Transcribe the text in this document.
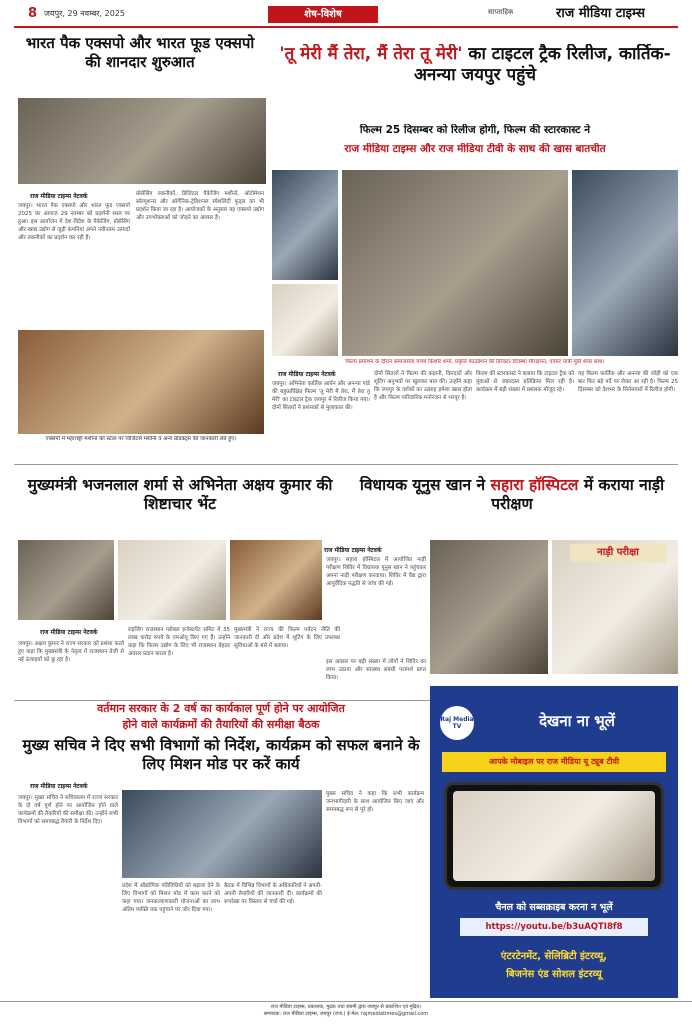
8 जयपुर, 29 नवम्बर, 2025	शेष-विशेष	साप्ताहिक	राज मीडिया टाइम्स
भारत पैक एक्सपो और भारत फूड एक्सपो की शानदार शुरुआत
राज मीडिया टाइम्स नेटवर्क
जयपुर। भारत पैक एक्सपो और भारत फूड एक्सपो 2025 का आगाज 29 नवम्बर को प्रदर्शनी स्थल पर हुआ। इस आयोजन में देश-विदेश के पैकेजिंग, प्रोसेसिंग और खाद्य उद्योग से जुड़ी कंपनियां अपने नवीनतम उत्पादों और तकनीकों का प्रदर्शन कर रही हैं।
प्रोसेसिंग तकनीकों, डिजिटल पैकेजिंग मशीनों, ऑटोमेशन सॉल्यूशन्स और ऑर्गेनिक-ट्रेडिशनल स्पेशलिटी फूड्स का भी प्रदर्शन किया जा रहा है। आयोजकों के अनुसार यह एक्सपो उद्योग और उपभोक्ताओं को जोड़ने का अवसर है।
एक्सपो में महाराष्ट्रों मशीनों की स्टाल पर विजिटर्स मशीनों व अन्य प्रोडक्ट्स की जानकारी लेते हुए।
'तू मेरी मैं तेरा, मैं तेरा तू मेरी' का टाइटल ट्रैक रिलीज, कार्तिक-अनन्या जयपुर पहुंचे
फिल्म 25 दिसम्बर को रिलीज होगी, फिल्म की स्टारकास्ट ने
राज मीडिया टाइम्स और राज मीडिया टीवी के साथ की खास बातचीत
फिल्म प्रमोशन के दौरान समाजसेवा मंचम किशोर शर्मा, प्रकृति फाउंडेशन की डिरेक्टर दिवस्था मीराइयन, एवेयर यात्री मुंडी शेयर साथ।
राज मीडिया टाइम्स नेटवर्क
जयपुर। अभिनेता कार्तिक आर्यन और अनन्या पांडे की बहुप्रतीक्षित फिल्म 'तू मेरी मैं तेरा, मैं तेरा तू मेरी' का टाइटल ट्रैक जयपुर में रिलीज किया गया। दोनों सितारों ने प्रशंसकों से मुलाकात की।
दोनों सितारों ने फिल्म की कहानी, किरदारों और शूटिंग अनुभवों पर खुलकर बात की। उन्होंने कहा कि जयपुर के दर्शकों का उत्साह हमेशा खास होता है और फिल्म पारिवारिक मनोरंजन से भरपूर है।
फिल्म की स्टारकास्ट ने बताया कि टाइटल ट्रैक को युवाओं से जबरदस्त प्रतिक्रिया मिल रही है। कार्यक्रम में बड़ी संख्या में प्रशंसक मौजूद रहे।
यह फिल्म कार्तिक और अनन्या की जोड़ी को एक बार फिर बड़े पर्दे पर लेकर आ रही है। फिल्म 25 दिसम्बर को देशभर के सिनेमाघरों में रिलीज होगी।
मुख्यमंत्री भजनलाल शर्मा से अभिनेता अक्षय कुमार की शिष्टाचार भेंट
राज मीडिया टाइम्स नेटवर्क
जयपुर। अक्षय कुमार ने राज्य सरकार को प्रशंसा करते हुए कहा कि मुख्यमंत्री के नेतृत्व में राजस्थान तेजी से नई ऊंचाइयों को छू रहा है।
राइजिंग राजस्थान ग्लोबल इन्वेस्टमेंट समिट में 35 लाख करोड़ रुपये के एमओयू किए गए हैं। उन्होंने कहा कि फिल्म उद्योग के लिए भी राजस्थान बेहतर अवसर प्रदान करता है।
मुख्यमंत्री ने राज्य की फिल्म पर्यटन नीति की जानकारी दी और प्रदेश में शूटिंग के लिए उपलब्ध सुविधाओं के बारे में बताया।
राज मीडिया टाइम्स नेटवर्क
विधायक यूनुस खान ने सहारा हॉस्पिटल में कराया नाड़ी परीक्षण
जयपुर। सहारा हॉस्पिटल में आयोजित नाड़ी परीक्षण शिविर में विधायक यूनुस खान ने पहुंचकर अपना नाड़ी परीक्षण करवाया। शिविर में वैद्य द्वारा आयुर्वेदिक पद्धति से जांच की गई।
नाड़ी परीक्षा
इस अवसर पर बड़ी संख्या में लोगों ने शिविर का लाभ उठाया और स्वास्थ्य संबंधी परामर्श प्राप्त किया।
वर्तमान सरकार के 2 वर्ष का कार्यकाल पूर्ण होने पर आयोजित
होने वाले कार्यक्रमों की तैयारियों की समीक्षा बैठक
मुख्य सचिव ने दिए सभी विभागों को निर्देश, कार्यक्रम को सफल बनाने के लिए मिशन मोड पर करें कार्य
राज मीडिया टाइम्स नेटवर्क
जयपुर। मुख्य सचिव ने सचिवालय में राज्य सरकार के दो वर्ष पूर्ण होने पर आयोजित होने वाले कार्यक्रमों की तैयारियों की समीक्षा की। उन्होंने सभी विभागों को समयबद्ध तैयारी के निर्देश दिए।
प्रदेश में औद्योगिक गतिविधियों को बढ़ावा देने के लिए विभागों को मिशन मोड में काम करने को कहा गया। जनकल्याणकारी योजनाओं का लाभ अंतिम व्यक्ति तक पहुंचाने पर जोर दिया गया।
बैठक में विभिन्न विभागों के अधिकारियों ने अपनी-अपनी तैयारियों की जानकारी दी। कार्यक्रमों की रूपरेखा पर विस्तार से चर्चा की गई।
मुख्य सचिव ने कहा कि सभी कार्यक्रम जनभागीदारी के साथ आयोजित किए जाएं और समयबद्ध रूप से पूरे हों।
Raj Media TV	देखना ना भूलें
आपके मोबाइल पर राज मीडिया यू ट्यूब टीवी
चैनल को सब्सक्राइब करना न भूलें
https://youtu.be/b3uAQTI8f8
एंटरटेनमेंट, सेलिब्रिटी इंटरव्यू,
बिजनेस एंड सोशल इंटरव्यू
राज मीडिया टाइम्स, प्रकाशक, मुद्रक तथा स्वामी द्वारा जयपुर से प्रकाशित एवं मुद्रित।
सम्पादक: राज मीडिया टाइम्स, जयपुर (राज.) ई-मेल: rajmediatimes@gmail.com
